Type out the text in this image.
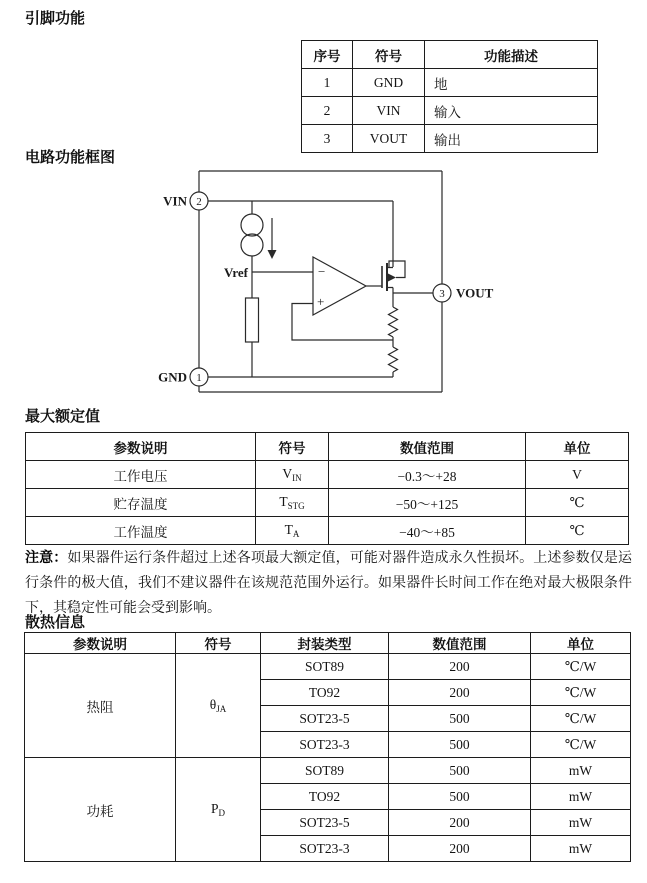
引脚功能
电路功能框图
最大额定值
散热信息
序号	符号	功能描述
1	GND	地
2	VIN	输入
3	VOUT	输出
−
+
2
VIN
1
GND
3 VOUT
Vref
参数说明	符号	数值范围	单位
工作电压	$V_{IN}$	−0.3～+28	V
贮存温度	$T_{STG}$	−50～+125	℃
工作温度	$T_A$	−40～+85	℃
注意：如果器件运行条件超过上述各项最大额定值，可能对器件造成永久性损坏。上述参数仅是运行条件的极大值，我们不建议器件在该规范范围外运行。如果器件长时间工作在绝对最大极限条件下，其稳定性可能会受到影响。
参数说明	符号	封装类型	数值范围	单位
热阻	$\theta_{JA}$	SOT89	200	℃/W
		TO92	200	℃/W
		SOT23-5	500	℃/W
		SOT23-3	500	℃/W
功耗	$P_D$	SOT89	500	mW
		TO92	500	mW
		SOT23-5	200	mW
		SOT23-3	200	mW
